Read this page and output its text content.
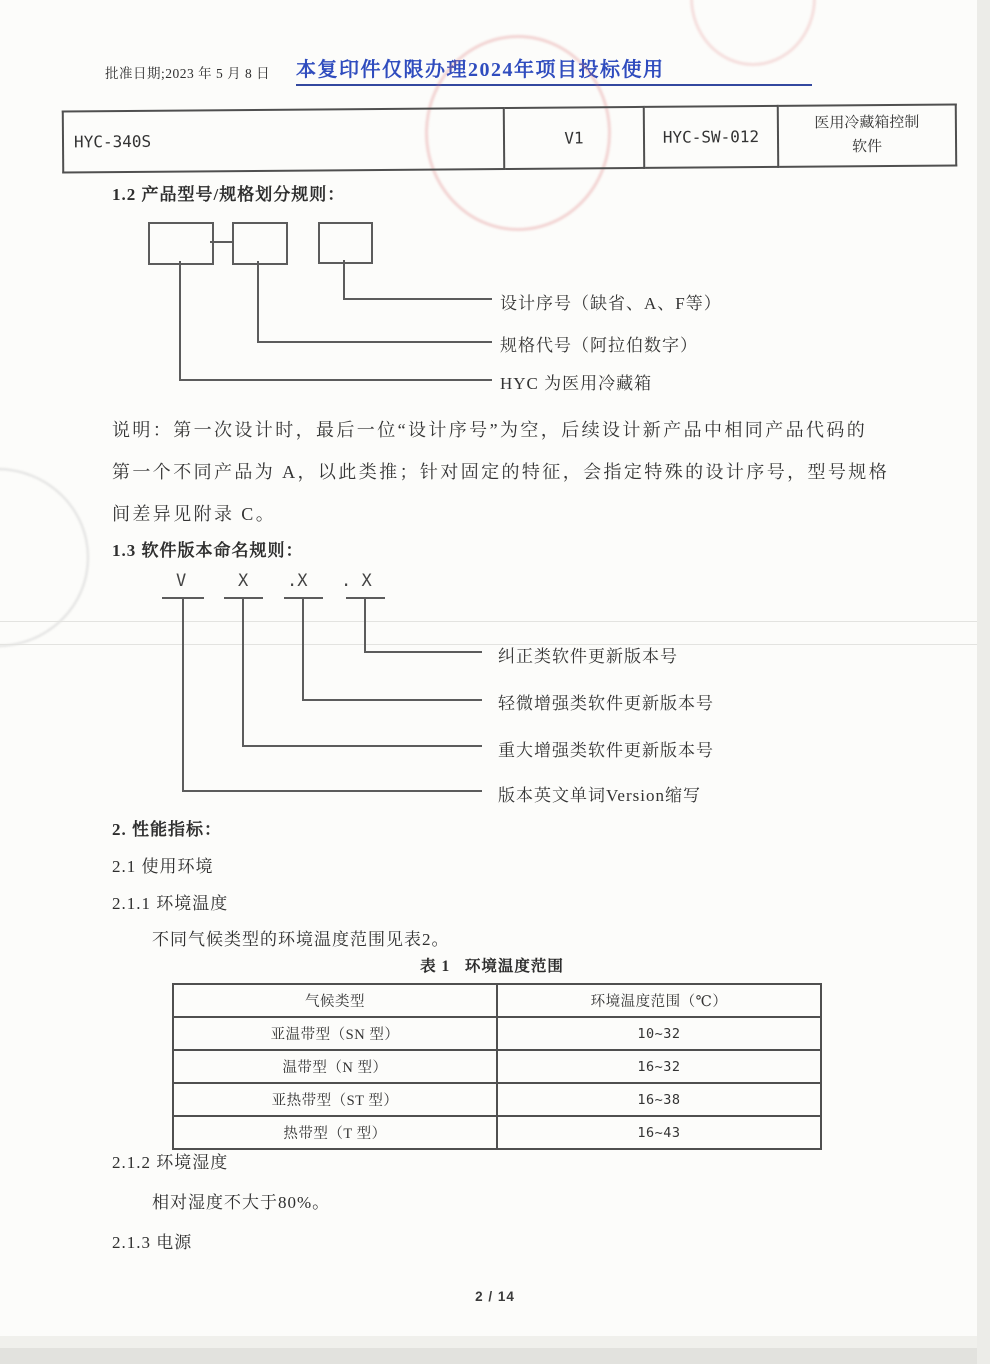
批准日期;2023 年 5 月 8 日 本复印件仅限办理2024年项目投标使用
HYC-340S	V1	HYC-SW-012	医用冷藏箱控制软件
1.2 产品型号/规格划分规则：
设计序号（缺省、A、F等）
规格代号（阿拉伯数字）
HYC 为医用冷藏箱
说明：第一次设计时，最后一位“设计序号”为空，后续设计新产品中相同产品代码的
第一个不同产品为 A，以此类推；针对固定的特征，会指定特殊的设计序号，型号规格
间差异见附录 C。
1.3 软件版本命名规则：
V	X .X . X
纠正类软件更新版本号
轻微增强类软件更新版本号
重大增强类软件更新版本号
版本英文单词Version缩写
2. 性能指标：
2.1 使用环境
2.1.1 环境温度
不同气候类型的环境温度范围见表2。
表 1   环境温度范围
气候类型	环境温度范围（℃）
亚温带型（SN 型）	10~32
温带型（N 型）	16~32
亚热带型（ST 型）	16~38
热带型（T 型）	16~43
2.1.2 环境湿度
相对湿度不大于80%。
2.1.3 电源
2 / 14
